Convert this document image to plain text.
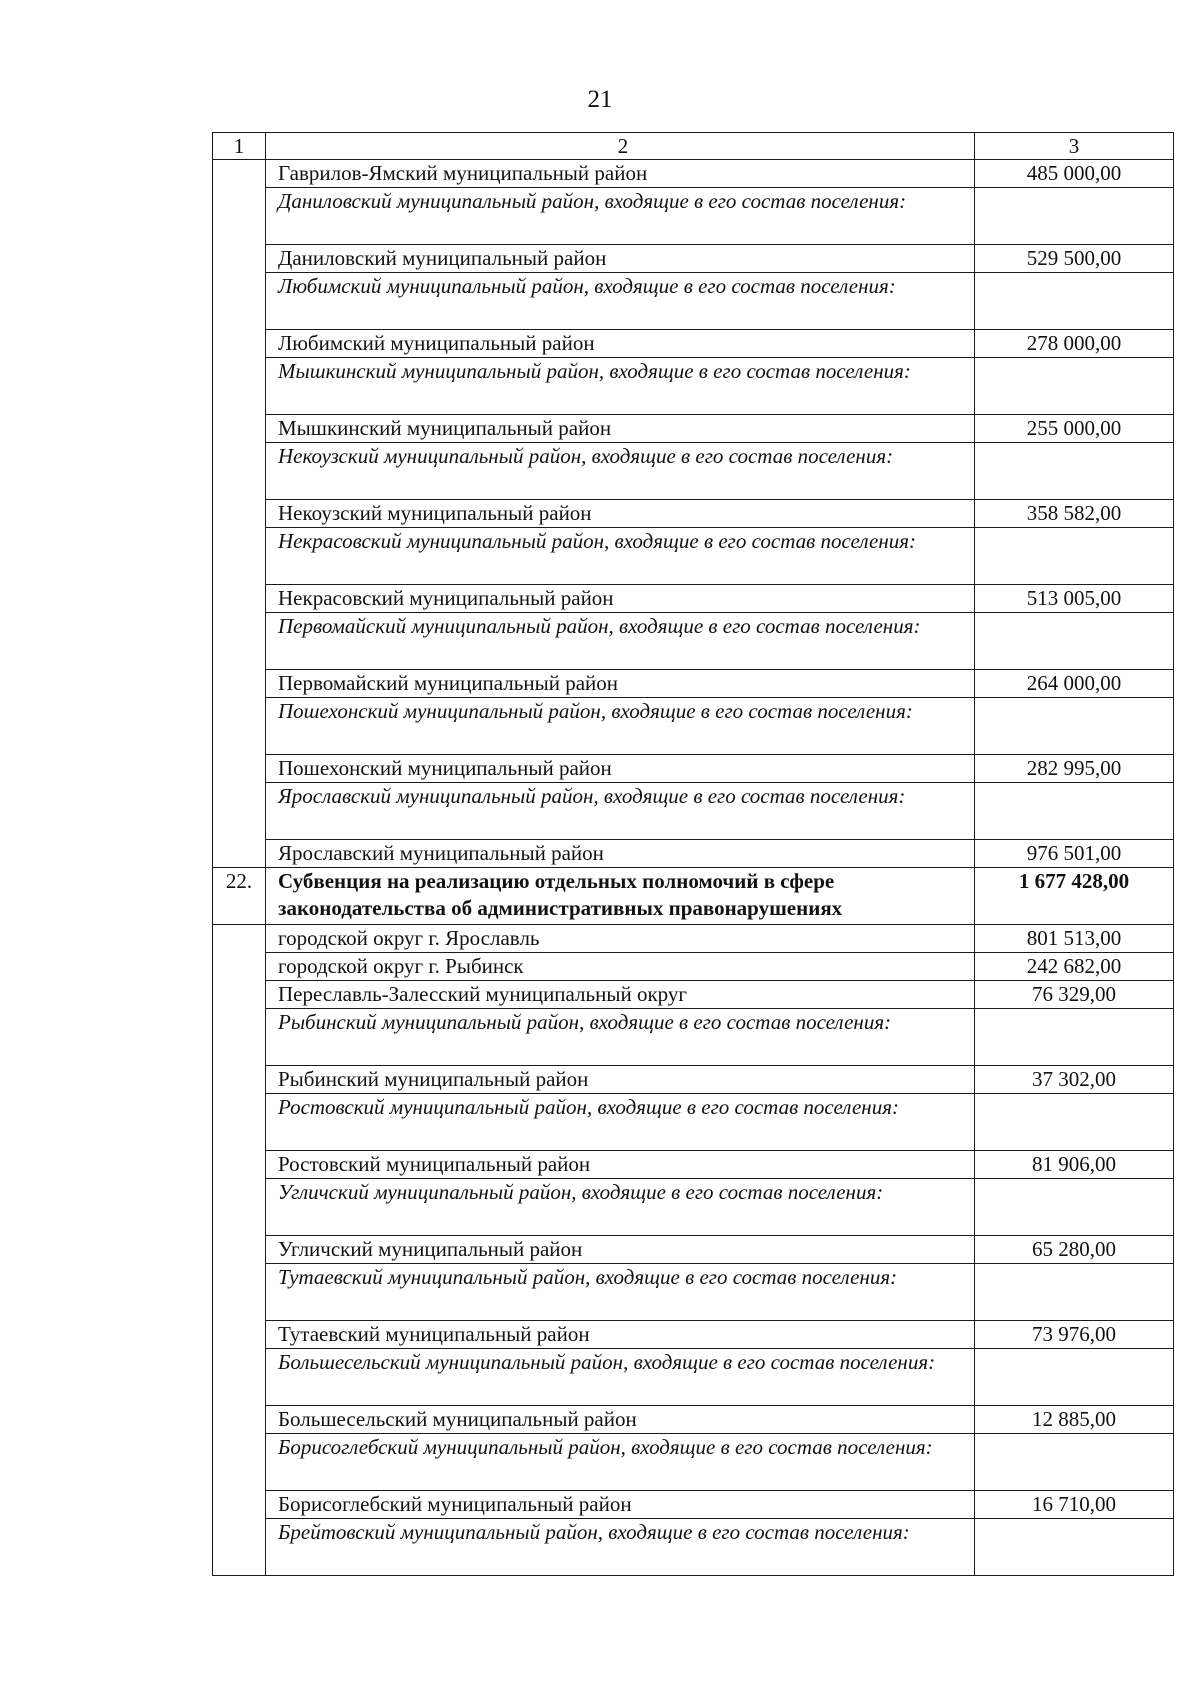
21
1	2	3
	Гаврилов-Ямский муниципальный район	485 000,00
	Даниловский муниципальный район, входящие в его состав поселения:	
	Даниловский муниципальный район	529 500,00
	Любимский муниципальный район, входящие в его состав поселения:	
	Любимский муниципальный район	278 000,00
	Мышкинский муниципальный район, входящие в его состав поселения:	
	Мышкинский муниципальный район	255 000,00
	Некоузский муниципальный район, входящие в его состав поселения:	
	Некоузский муниципальный район	358 582,00
	Некрасовский муниципальный район, входящие в его состав поселения:	
	Некрасовский муниципальный район	513 005,00
	Первомайский муниципальный район, входящие в его состав поселения:	
	Первомайский муниципальный район	264 000,00
	Пошехонский муниципальный район, входящие в его состав поселения:	
	Пошехонский муниципальный район	282 995,00
	Ярославский муниципальный район, входящие в его состав поселения:	
	Ярославский муниципальный район	976 501,00
22.	Субвенция на реализацию отдельных полномочий в сфере законодательства об административных правонарушениях	1 677 428,00
	городской округ г. Ярославль	801 513,00
	городской округ г. Рыбинск	242 682,00
	Переславль-Залесский муниципальный округ	76 329,00
	Рыбинский муниципальный район, входящие в его состав поселения:	
	Рыбинский муниципальный район	37 302,00
	Ростовский муниципальный район, входящие в его состав поселения:	
	Ростовский муниципальный район	81 906,00
	Угличский муниципальный район, входящие в его состав поселения:	
	Угличский муниципальный район	65 280,00
	Тутаевский муниципальный район, входящие в его состав поселения:	
	Тутаевский муниципальный район	73 976,00
	Большесельский муниципальный район, входящие в его состав поселения:	
	Большесельский муниципальный район	12 885,00
	Борисоглебский муниципальный район, входящие в его состав поселения:	
	Борисоглебский муниципальный район	16 710,00
	Брейтовский муниципальный район, входящие в его состав поселения:	
